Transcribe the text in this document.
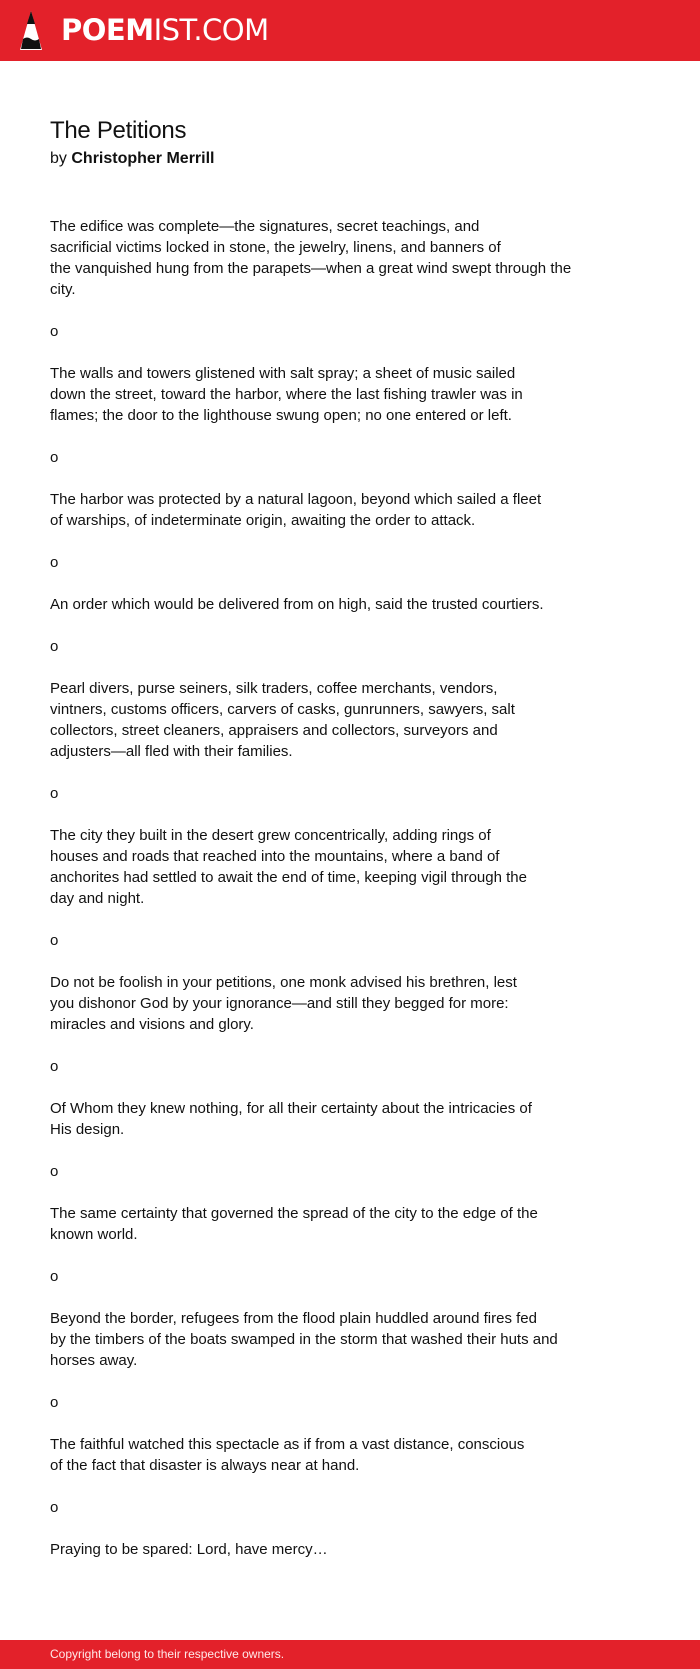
POEMIST.COM
The Petitions

by Christopher Merrill

The edifice was complete—the signatures, secret teachings, and
sacrificial victims locked in stone, the jewelry, linens, and banners of
the vanquished hung from the parapets—when a great wind swept through the
city.

o

The walls and towers glistened with salt spray; a sheet of music sailed
down the street, toward the harbor, where the last fishing trawler was in
flames; the door to the lighthouse swung open; no one entered or left.

o

The harbor was protected by a natural lagoon, beyond which sailed a fleet
of warships, of indeterminate origin, awaiting the order to attack.

o

An order which would be delivered from on high, said the trusted courtiers.

o

Pearl divers, purse seiners, silk traders, coffee merchants, vendors,
vintners, customs officers, carvers of casks, gunrunners, sawyers, salt
collectors, street cleaners, appraisers and collectors, surveyors and
adjusters—all fled with their families.

o

The city they built in the desert grew concentrically, adding rings of
houses and roads that reached into the mountains, where a band of
anchorites had settled to await the end of time, keeping vigil through the
day and night.

o

Do not be foolish in your petitions, one monk advised his brethren, lest
you dishonor God by your ignorance—and still they begged for more:
miracles and visions and glory.

o

Of Whom they knew nothing, for all their certainty about the intricacies of
His design.

o

The same certainty that governed the spread of the city to the edge of the
known world.

o

Beyond the border, refugees from the flood plain huddled around fires fed
by the timbers of the boats swamped in the storm that washed their huts and
horses away.

o

The faithful watched this spectacle as if from a vast distance, conscious
of the fact that disaster is always near at hand.

o

Praying to be spared: Lord, have mercy…

Copyright belong to their respective owners.
